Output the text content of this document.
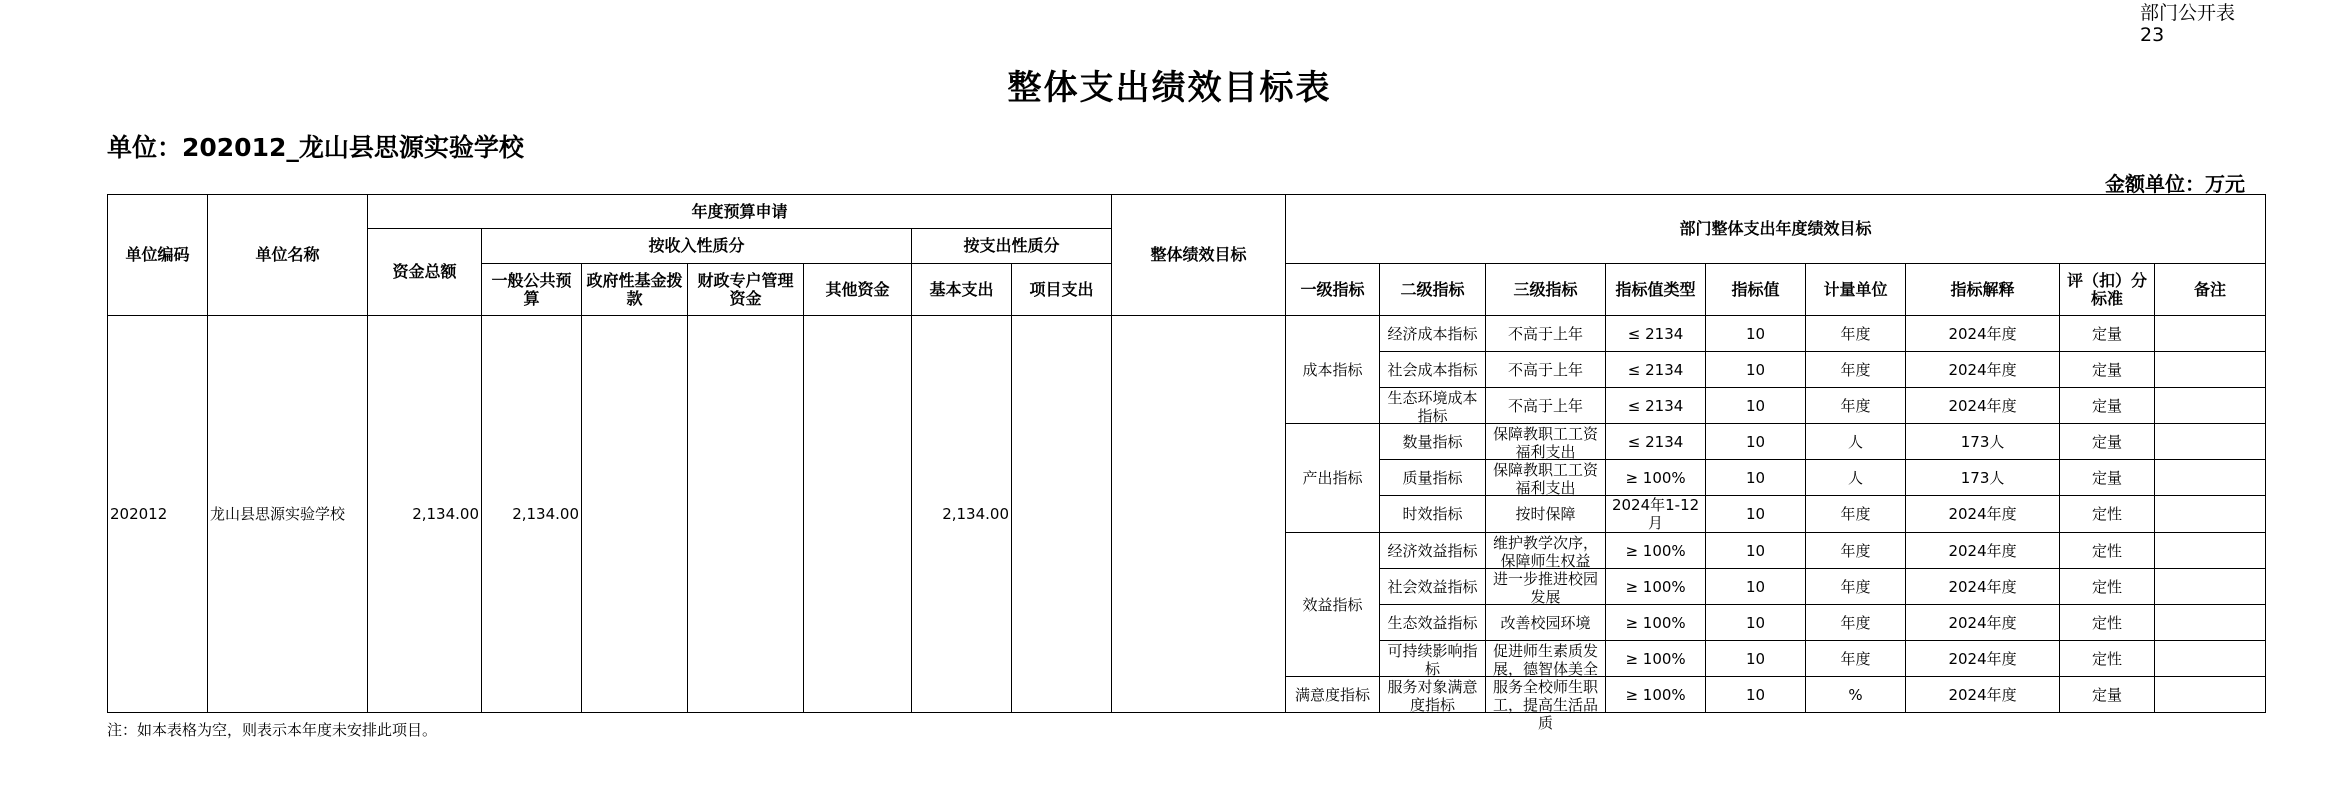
部门公开表
23
整体支出绩效目标表
单位：202012_龙山县思源实验学校
金额单位：万元
单位编码	单位名称	年度预算申请							整体绩效目标	部门整体支出年度绩效目标								
		资金总额	按收入性质分				按支出性质分											
			一般公共预算	政府性基金拨款	财政专户管理资金	其他资金	基本支出	项目支出		一级指标	二级指标	三级指标	指标值类型	指标值	计量单位	指标解释	评（扣）分标准	备注

202012	龙山县思源实验学校	2,134.00	2,134.00				2,134.00			成本指标	经济成本指标	不高于上年	≤ 2134	10	年度	2024年度	定量	
											社会成本指标	不高于上年	≤ 2134	10	年度	2024年度	定量	

											生态环境成本指标	不高于上年	≤ 2134	10	年度	2024年度	定量	
										产出指标	数量指标	保障教职工工资福利支出	≤ 2134	10	人	173人	定量	
											质量指标	保障教职工工资福利支出	≥ 100%	10	人	173人	定量	
											时效指标	按时保障	2024年1-12月	10	年度	2024年度	定性	
										效益指标	经济效益指标	维护教学次序，保障师生权益	≥ 100%	10	年度	2024年度	定性	
											社会效益指标	进一步推进校园发展	≥ 100%	10	年度	2024年度	定性	
											生态效益指标	改善校园环境	≥ 100%	10	年度	2024年度	定性	

											可持续影响指标	促进师生素质发展，德智体美全	≥ 100%	10	年度	2024年度	定性	
										满意度指标	服务对象满意度指标	服务全校师生职工，提高生活品质	≥ 100%	10	%	2024年度	定量	
注：如本表格为空，则表示本年度未安排此项目。
